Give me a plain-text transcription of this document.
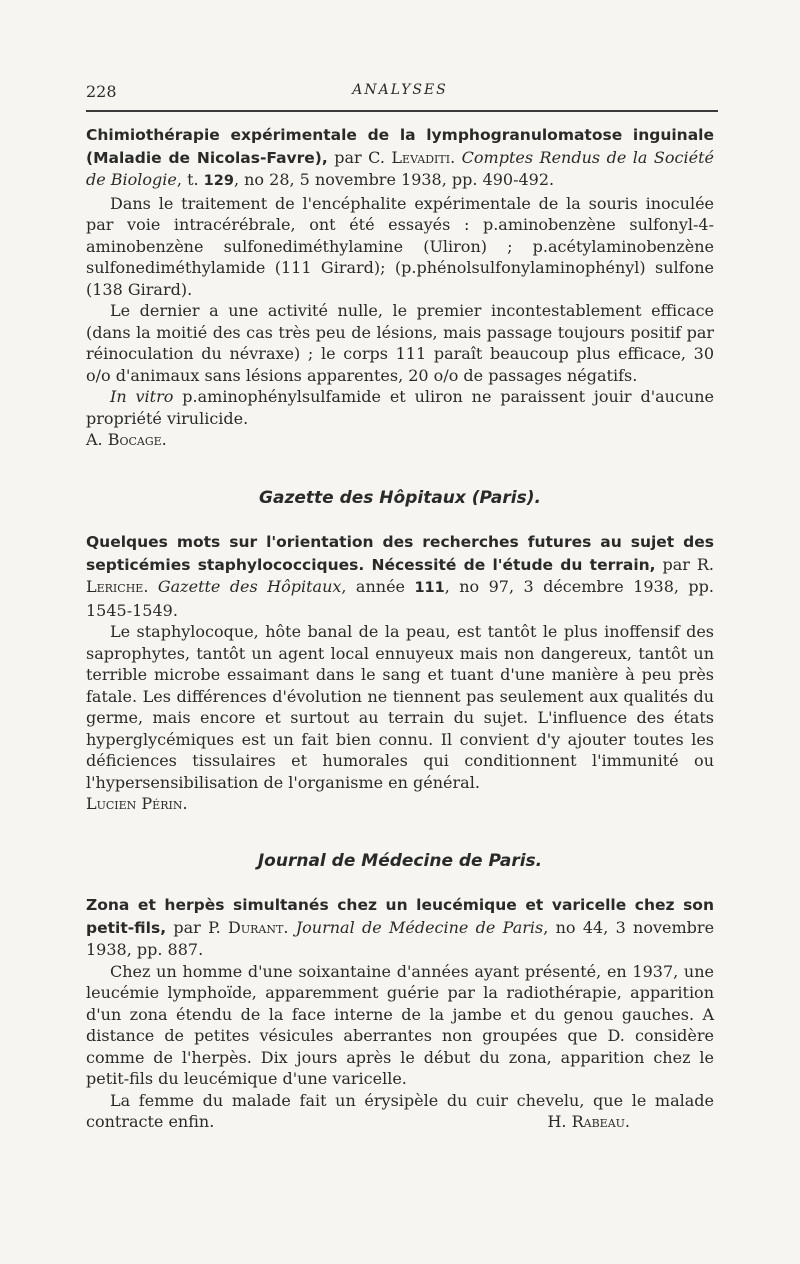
228	ANALYSES

Chimiothérapie expérimentale de la lymphogranulomatose inguinale (Maladie de Nicolas-Favre), par C. Levaditi. Comptes Rendus de la Société de Biologie, t. 129, no 28, 5 novembre 1938, pp. 490-492.

Dans le traitement de l'encéphalite expérimentale de la souris inoculée par voie intracérébrale, ont été essayés : p.aminobenzène sulfonyl-4-aminobenzène sulfonediméthylamine (Uliron) ; p.acétylaminobenzène sulfonediméthylamide (111 Girard); (p.phénolsulfonylaminophényl) sulfone (138 Girard).

Le dernier a une activité nulle, le premier incontestablement efficace (dans la moitié des cas très peu de lésions, mais passage toujours positif par réinoculation du névraxe) ; le corps 111 paraît beaucoup plus efficace, 30 o/o d'animaux sans lésions apparentes, 20 o/o de passages négatifs.

In vitro p.aminophénylsulfamide et uliron ne paraissent jouir d'aucune propriété virulicide.

A. Bocage.

Gazette des Hôpitaux (Paris).

Quelques mots sur l'orientation des recherches futures au sujet des septicémies staphylococciques. Nécessité de l'étude du terrain, par R. Leriche. Gazette des Hôpitaux, année 111, no 97, 3 décembre 1938, pp. 1545-1549.

Le staphylocoque, hôte banal de la peau, est tantôt le plus inoffensif des saprophytes, tantôt un agent local ennuyeux mais non dangereux, tantôt un terrible microbe essaimant dans le sang et tuant d'une manière à peu près fatale. Les différences d'évolution ne tiennent pas seulement aux qualités du germe, mais encore et surtout au terrain du sujet. L'influence des états hyperglycémiques est un fait bien connu. Il convient d'y ajouter toutes les déficiences tissulaires et humorales qui conditionnent l'immunité ou l'hypersensibilisation de l'organisme en général.

Lucien Périn.

Journal de Médecine de Paris.

Zona et herpès simultanés chez un leucémique et varicelle chez son petit-fils, par P. Durant. Journal de Médecine de Paris, no 44, 3 novembre 1938, pp. 887.

Chez un homme d'une soixantaine d'années ayant présenté, en 1937, une leucémie lymphoïde, apparemment guérie par la radiothérapie, apparition d'un zona étendu de la face interne de la jambe et du genou gauches. A distance de petites vésicules aberrantes non groupées que D. considère comme de l'herpès. Dix jours après le début du zona, apparition chez le petit-fils du leucémique d'une varicelle.

La femme du malade fait un érysipèle du cuir chevelu, que le malade contracte enfin.	H. Rabeau.
